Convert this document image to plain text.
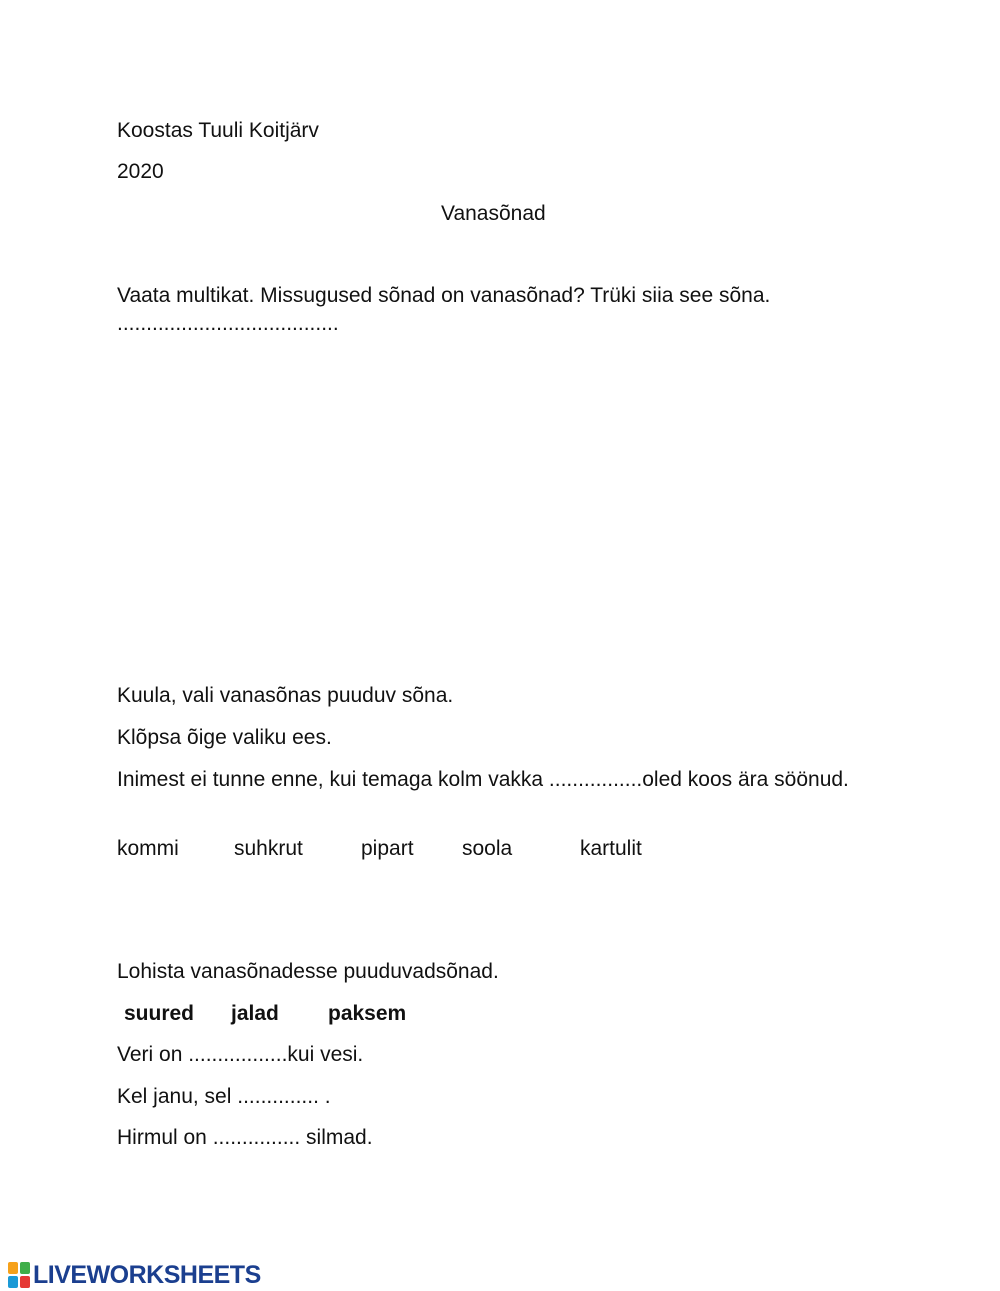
Koostas Tuuli Koitjärv
2020
Vanasõnad
Vaata multikat. Missugused sõnad on vanasõnad? Trüki siia see sõna.
......................................
Kuula, vali vanasõnas puuduv sõna.
Klõpsa õige valiku ees.
Inimest ei tunne enne, kui temaga kolm vakka ................oled koos ära söönud.
kommi	suhkrut	pipart soola	kartulit
Lohista vanasõnadesse puuduvadsõnad.
suured jalad paksem
Veri on .................kui vesi.
Kel janu, sel .............. .
Hirmul on ............... silmad.
LIVEWORKSHEETS
